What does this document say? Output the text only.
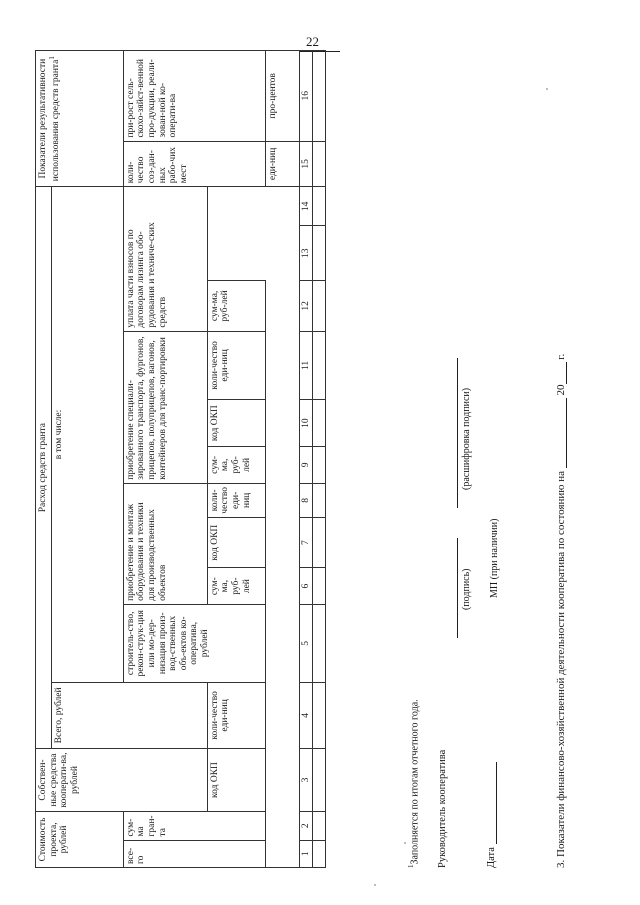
22
Стоимость проекта, рублей		Собствен-ные средства кооперати-ва, рублей	Расход средств гранта											Показатели результативности использования средств гранта$^1$
			Всего, рублей	в том числе:											
все-го	сум-ма гран-та			строитель-ство, рекон-струк-ция или мо-дер-низация произ-вод-ственных объ-ектов ко-оператива, рублей	приобретение и монтаж оборудования и техники для производственных объектов			приобретение специали-зированного транспорта, фургонов, прицепов, полуприцепов, вагонов, контейнеров для транс-портировки			уплата части взносов по договорам лизинга обо-рудования и техниче-ских средств			коли-чество соз-дан-ных рабо-чих мест	при-рост сель-скохо-зяйст-венной про-дукции, реали-зован-ной ко-операти-ва
		код ОКП	коли-чество еди-ниц		сум-ма, руб-лей	код ОКП	коли-чество еди-ниц	сум-ма, руб-лей	код ОКП	коли-чество еди-ниц	сум-ма, руб-лей				
														еди-ниц	про-центов
1	2	3	4	5	6	7	8	9	10	11	12	13	14	15	16

$^1$Заполняется по итогам отчетного года. Руководитель кооператива
(подпись)
(расшифровка подписи)
Дата
МП (при наличии)	3. Показатели финансово-хозяйственной деятельности кооператива по состоянию на  20 г.
